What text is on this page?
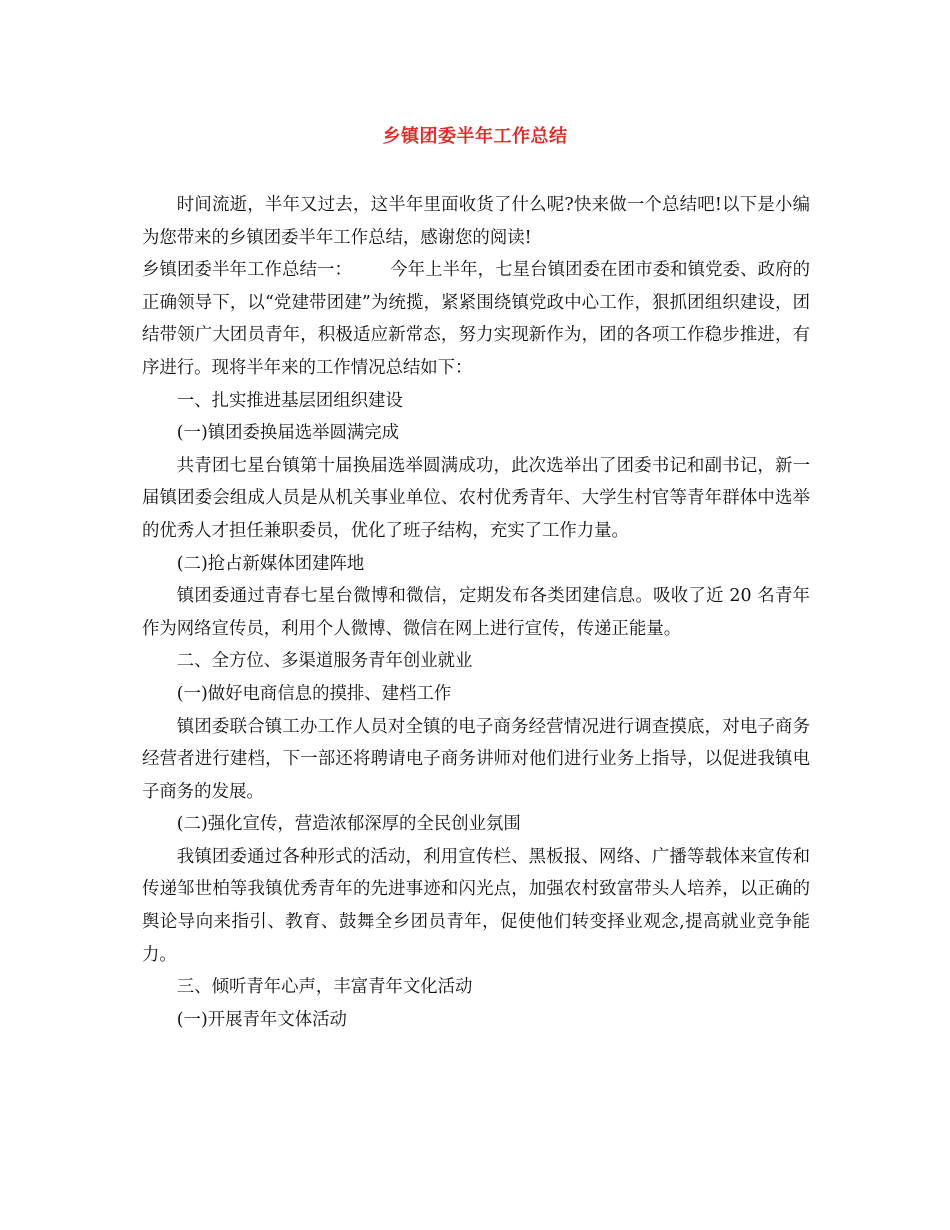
乡镇团委半年工作总结

时间流逝，半年又过去，这半年里面收货了什么呢?快来做一个总结吧!以下是小编为您带来的乡镇团委半年工作总结，感谢您的阅读!

乡镇团委半年工作总结一： 今年上半年，七星台镇团委在团市委和镇党委、政府的正确领导下，以“党建带团建”为统揽，紧紧围绕镇党政中心工作，狠抓团组织建设，团结带领广大团员青年，积极适应新常态，努力实现新作为，团的各项工作稳步推进，有序进行。现将半年来的工作情况总结如下：

一、扎实推进基层团组织建设

(一)镇团委换届选举圆满完成

共青团七星台镇第十届换届选举圆满成功，此次选举出了团委书记和副书记，新一届镇团委会组成人员是从机关事业单位、农村优秀青年、大学生村官等青年群体中选举的优秀人才担任兼职委员，优化了班子结构，充实了工作力量。

(二)抢占新媒体团建阵地

镇团委通过青春七星台微博和微信，定期发布各类团建信息。吸收了近 20 名青年作为网络宣传员，利用个人微博、微信在网上进行宣传，传递正能量。

二、全方位、多渠道服务青年创业就业

(一)做好电商信息的摸排、建档工作

镇团委联合镇工办工作人员对全镇的电子商务经营情况进行调查摸底，对电子商务经营者进行建档，下一部还将聘请电子商务讲师对他们进行业务上指导，以促进我镇电子商务的发展。

(二)强化宣传，营造浓郁深厚的全民创业氛围

我镇团委通过各种形式的活动，利用宣传栏、黑板报、网络、广播等载体来宣传和传递邹世柏等我镇优秀青年的先进事迹和闪光点，加强农村致富带头人培养，以正确的舆论导向来指引、教育、鼓舞全乡团员青年，促使他们转变择业观念,提高就业竞争能力。

三、倾听青年心声，丰富青年文化活动

(一)开展青年文体活动
